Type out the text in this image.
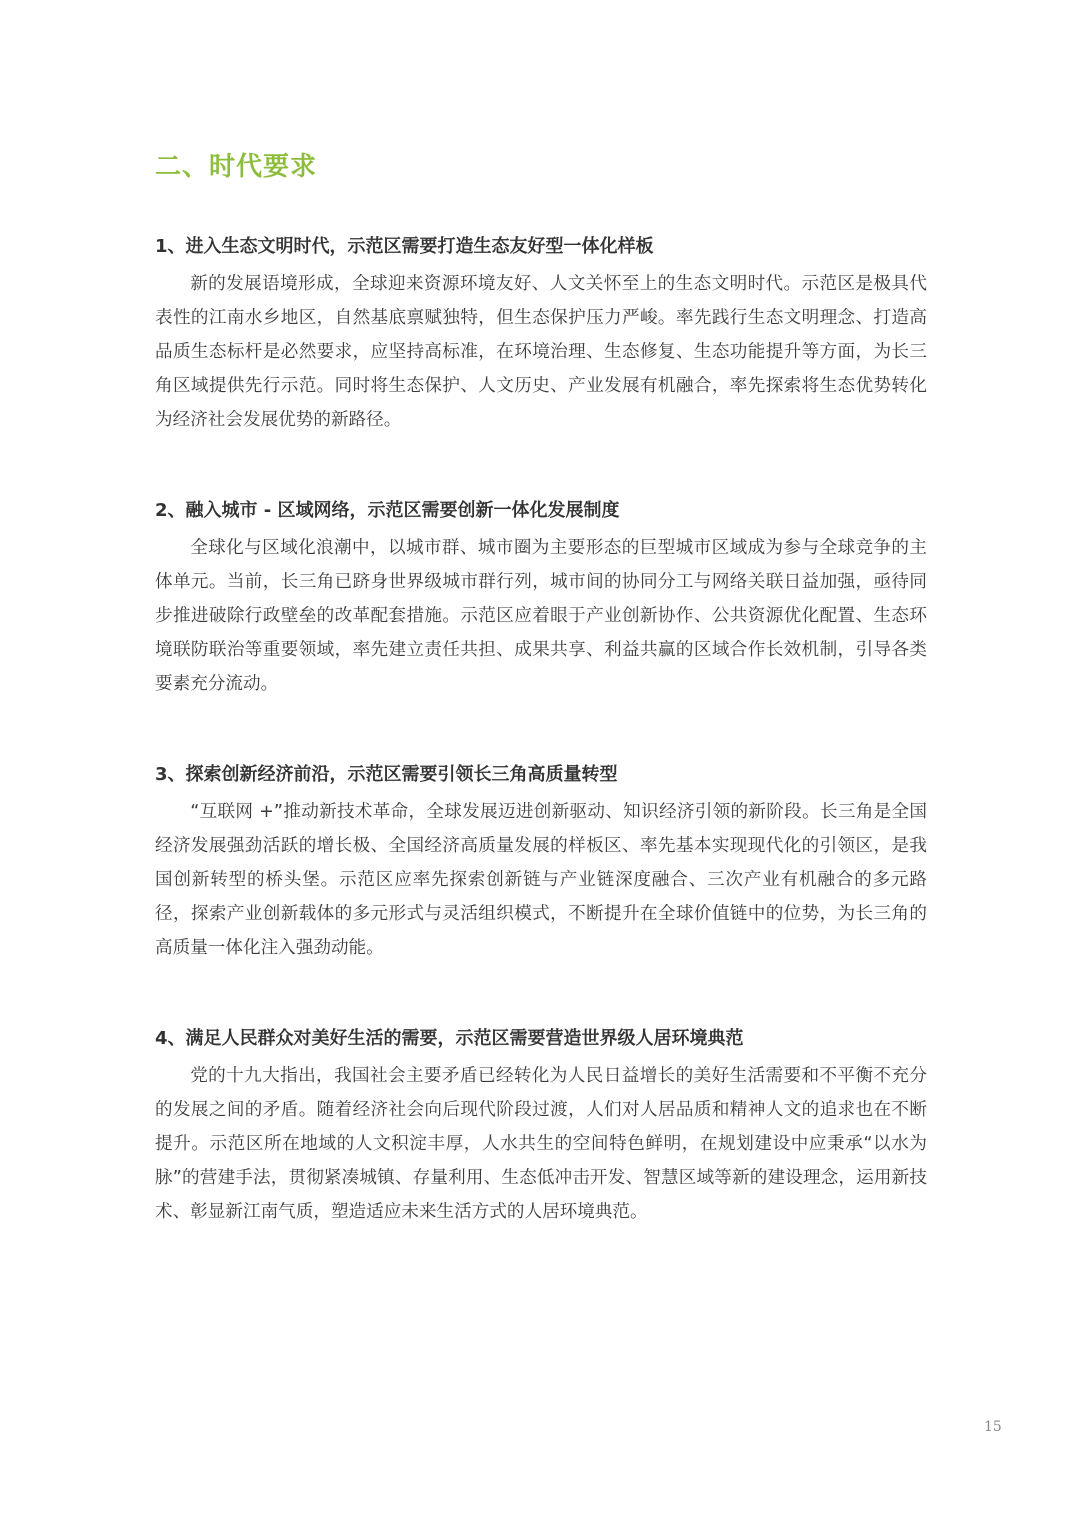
二、时代要求
1、进入生态文明时代，示范区需要打造生态友好型一体化样板

新的发展语境形成，全球迎来资源环境友好、人文关怀至上的生态文明时代。示范区是极具代表性的江南水乡地区，自然基底禀赋独特，但生态保护压力严峻。率先践行生态文明理念、打造高品质生态标杆是必然要求，应坚持高标准，在环境治理、生态修复、生态功能提升等方面，为长三角区域提供先行示范。同时将生态保护、人文历史、产业发展有机融合，率先探索将生态优势转化为经济社会发展优势的新路径。

2、融入城市 - 区域网络，示范区需要创新一体化发展制度

全球化与区域化浪潮中，以城市群、城市圈为主要形态的巨型城市区域成为参与全球竞争的主体单元。当前，长三角已跻身世界级城市群行列，城市间的协同分工与网络关联日益加强，亟待同步推进破除行政壁垒的改革配套措施。示范区应着眼于产业创新协作、公共资源优化配置、生态环境联防联治等重要领域，率先建立责任共担、成果共享、利益共赢的区域合作长效机制，引导各类要素充分流动。

3、探索创新经济前沿，示范区需要引领长三角高质量转型

“互联网 +”推动新技术革命，全球发展迈进创新驱动、知识经济引领的新阶段。长三角是全国经济发展强劲活跃的增长极、全国经济高质量发展的样板区、率先基本实现现代化的引领区，是我国创新转型的桥头堡。示范区应率先探索创新链与产业链深度融合、三次产业有机融合的多元路径，探索产业创新载体的多元形式与灵活组织模式，不断提升在全球价值链中的位势，为长三角的高质量一体化注入强劲动能。

4、满足人民群众对美好生活的需要，示范区需要营造世界级人居环境典范

党的十九大指出，我国社会主要矛盾已经转化为人民日益增长的美好生活需要和不平衡不充分的发展之间的矛盾。随着经济社会向后现代阶段过渡，人们对人居品质和精神人文的追求也在不断提升。示范区所在地域的人文积淀丰厚，人水共生的空间特色鲜明，在规划建设中应秉承“以水为脉”的营建手法，贯彻紧凑城镇、存量利用、生态低冲击开发、智慧区域等新的建设理念，运用新技术、彰显新江南气质，塑造适应未来生活方式的人居环境典范。

15
